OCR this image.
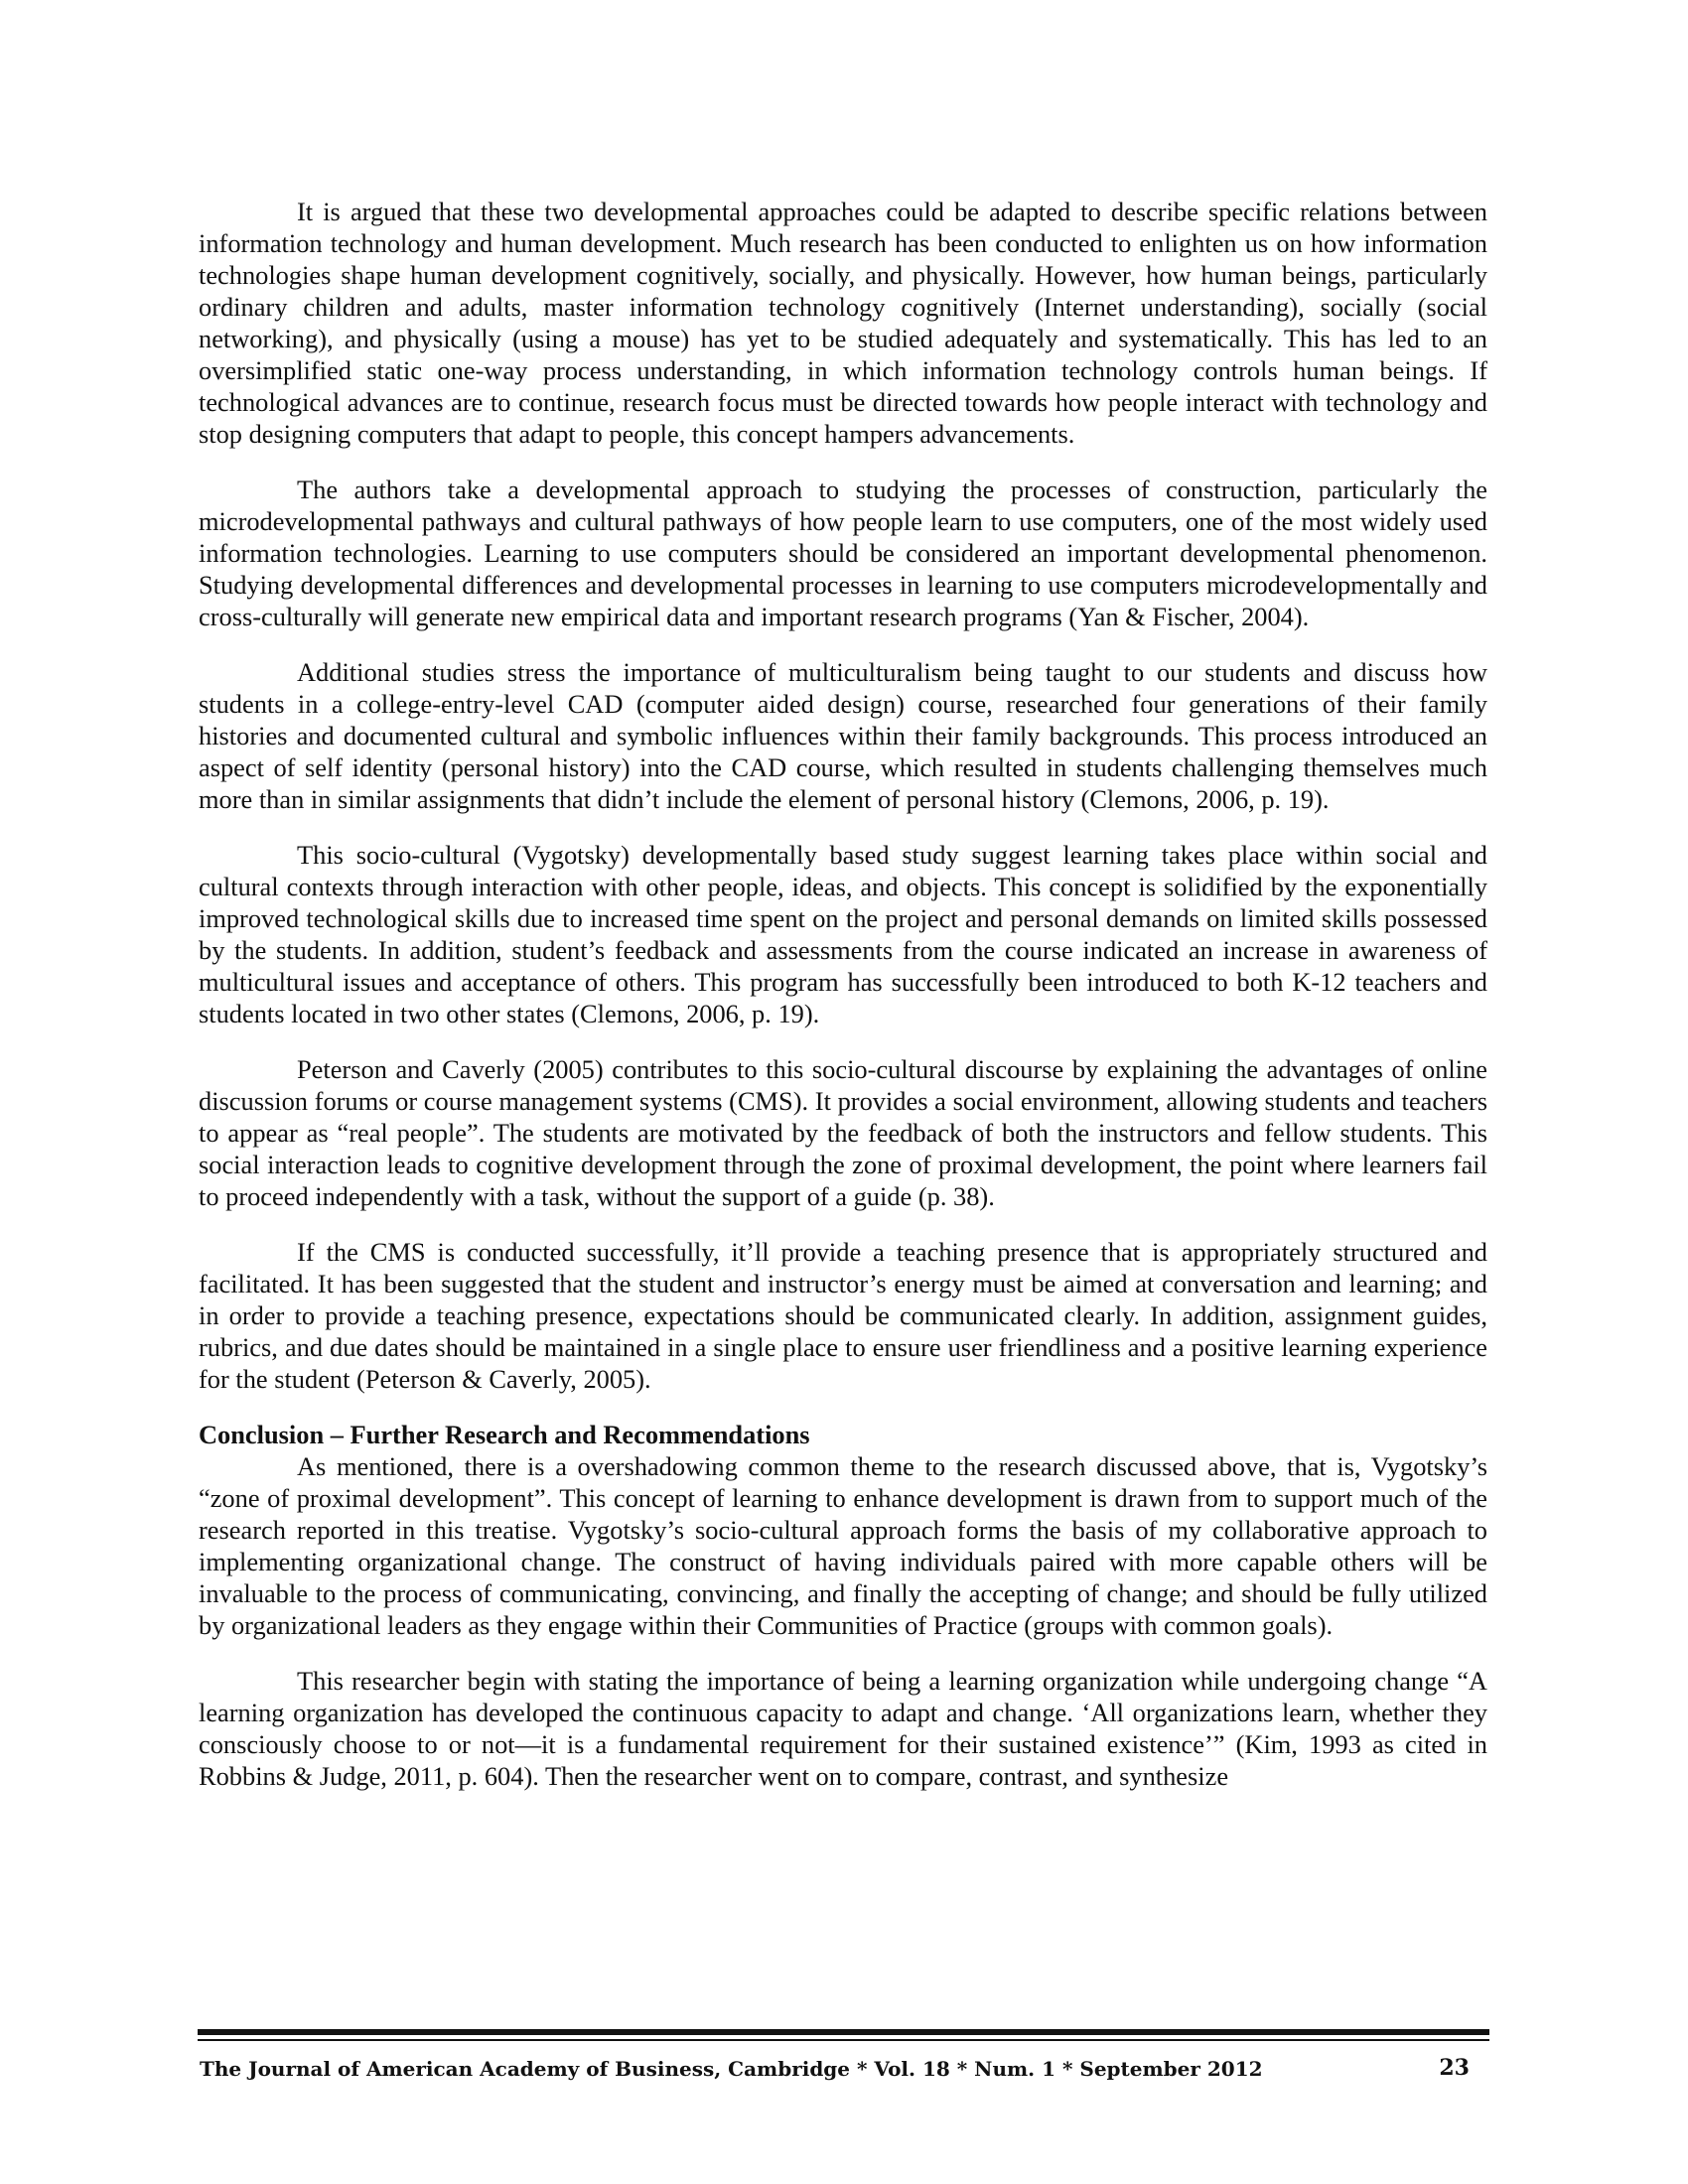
It is argued that these two developmental approaches could be adapted to describe specific relations between information technology and human development. Much research has been conducted to enlighten us on how information technologies shape human development cognitively, socially, and physically. However, how human beings, particularly ordinary children and adults, master information technology cognitively (Internet understanding), socially (social networking), and physically (using a mouse) has yet to be studied adequately and systematically. This has led to an oversimplified static one-way process understanding, in which information technology controls human beings. If technological advances are to continue, research focus must be directed towards how people interact with technology and stop designing computers that adapt to people, this concept hampers advancements.

The authors take a developmental approach to studying the processes of construction, particularly the microdevelopmental pathways and cultural pathways of how people learn to use computers, one of the most widely used information technologies. Learning to use computers should be considered an important developmental phenomenon. Studying developmental differences and developmental processes in learning to use computers microdevelopmentally and cross-culturally will generate new empirical data and important research programs (Yan & Fischer, 2004).

Additional studies stress the importance of multiculturalism being taught to our students and discuss how students in a college-entry-level CAD (computer aided design) course, researched four generations of their family histories and documented cultural and symbolic influences within their family backgrounds. This process introduced an aspect of self identity (personal history) into the CAD course, which resulted in students challenging themselves much more than in similar assignments that didn’t include the element of personal history (Clemons, 2006, p. 19).

This socio-cultural (Vygotsky) developmentally based study suggest learning takes place within social and cultural contexts through interaction with other people, ideas, and objects. This concept is solidified by the exponentially improved technological skills due to increased time spent on the project and personal demands on limited skills possessed by the students. In addition, student’s feedback and assessments from the course indicated an increase in awareness of multicultural issues and acceptance of others. This program has successfully been introduced to both K-12 teachers and students located in two other states (Clemons, 2006, p. 19).

Peterson and Caverly (2005) contributes to this socio-cultural discourse by explaining the advantages of online discussion forums or course management systems (CMS). It provides a social environment, allowing students and teachers to appear as “real people”. The students are motivated by the feedback of both the instructors and fellow students. This social interaction leads to cognitive development through the zone of proximal development, the point where learners fail to proceed independently with a task, without the support of a guide (p. 38).

If the CMS is conducted successfully, it’ll provide a teaching presence that is appropriately structured and facilitated. It has been suggested that the student and instructor’s energy must be aimed at conversation and learning; and in order to provide a teaching presence, expectations should be communicated clearly. In addition, assignment guides, rubrics, and due dates should be maintained in a single place to ensure user friendliness and a positive learning experience for the student (Peterson & Caverly, 2005).

Conclusion – Further Research and Recommendations

As mentioned, there is a overshadowing common theme to the research discussed above, that is, Vygotsky’s “zone of proximal development”. This concept of learning to enhance development is drawn from to support much of the research reported in this treatise. Vygotsky’s socio-cultural approach forms the basis of my collaborative approach to implementing organizational change. The construct of having individuals paired with more capable others will be invaluable to the process of communicating, convincing, and finally the accepting of change; and should be fully utilized by organizational leaders as they engage within their Communities of Practice (groups with common goals).

This researcher begin with stating the importance of being a learning organization while undergoing change “A learning organization has developed the continuous capacity to adapt and change. ‘All organizations learn, whether they consciously choose to or not—it is a fundamental requirement for their sustained existence’” (Kim, 1993 as cited in Robbins & Judge, 2011, p. 604). Then the researcher went on to compare, contrast, and synthesize

The Journal of American Academy of Business, Cambridge * Vol. 18 * Num. 1 * September 2012	23
